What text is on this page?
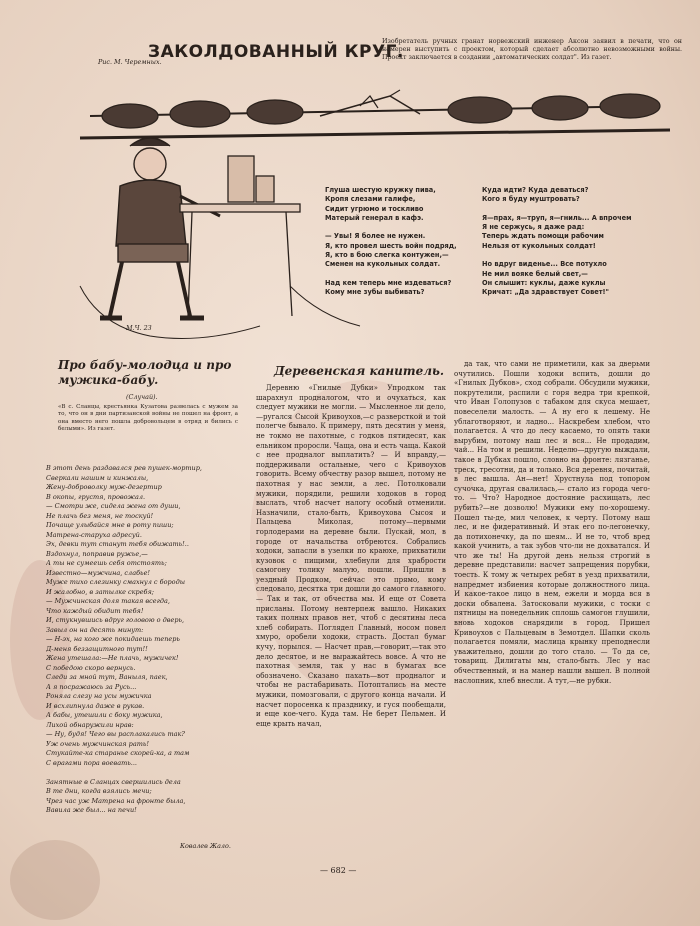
ЗАКОЛДОВАННЫЙ КРУГ.
Рис. М. Черемных.
Изобретатель ручных гранат норвежский инженер Аксон заявил в печати, что он намерен выступить с проектом, который сделает абсолютно невозможными войны. Проект заключается в создании „автоматических солдат". Из газет.
М.Ч. 23
Глуша шестую кружку пива,
Кропя слезами галифе,
Сидит угрюмо и тоскливо
Матерый генерал в кафэ.

— Увы! Я более не нужен.
Я, кто провел шесть войн подряд,
Я, кто в бою слегка контужен,—
Сменен на кукольных солдат.

Над кем теперь мне издеваться?
Кому мне зубы выбивать?
Куда идти? Куда деваться?
Кого я буду муштровать?

Я—прах, я—труп, я—гниль... А впрочем
Я не сержусь, я даже рад:
Теперь ждать помощи рабочим
Нельзя от кукольных солдат!

Но вдруг виденье... Все потухло
Не мил вояке белый свет,—
Он слышит: куклы, даже куклы
Кричат: „Да здравствует Совет!"
Про бабу-молодца и про мужика-бабу.
(Случай).
«В с. Сланцы, крестьянка Кузатова развелась с мужем за то, что он в дни партизанской войны не пошел на фронт, а она вместо него пошла добровольцем в отряд и бились с белыми». Из газет.
В этот день раздавался рев пушек-мортир,
Сверкали нашим и кинжалы,
Жену-доброволку муж-дезертир
В окопы, грустя, провожал.
— Смотри же, сидела жена от души,
Не плачь без меня, не тоскуй!
Почаще улыбайся мне в роту пиши;
Матрена-старуха адресуй.
Эх, девки тут станут тебя обижать!..
Вздохнул, поправив ружье,—
А ты не сумеешь себя отстоять;
Известно—мужчина, слабье!
Муже тихо слезинку смахнул с бороды
И жалобно, в затылке скребя;
— Мужчинская доля такая всегда,
Что каждый обидит тебя!
И, стукнувшись вдруг головою о дверь,
Завыл он на десять минут:
— Н-эх, на кого же покидаешь теперь
Д-меня беззащитного тут!!
Жена утешала:—Не плачь, мужичек!
С победою скоро вернусь.
Следи за мной тут, Ваныля, паек,
А я посражаюсь за Русь...
Роняла слезу на усы мужичка
И всхлипнула даже в рукав.
А бабы, утешили с боку мужика,
Лихой обнаружили нрав:
— Ну, будя! Чего вы расплакались так?
Уж очень мужчинская рать!
Стукайте-ка старанье скорей-ка, а там
С врагами пора воевать...

Занятные в Сланцах свершились дела
В те дни, когда взялись мечи;
Чрез час уж Матрена на фронте была,
Вавила же был... на печи!
Ковалев Жало.
Деревенская канитель.

Деревню «Гнилые Дубки» Упродком так шарахнул продналогом, что и очухаться, как следует мужики не могли. — Мысленное ли дело,—ругался Сысой Кривоухов,—с разверсткой и той полегче бывало. К примеру, пять десятин у меня, не токмо не пахотные, с годков пятидесят, как ельником проросли. Чаща, она и есть чаща. Какой с нее продналог выплатить? — И вправду,—поддерживали остальные, чего с Кривоухов говорить. Всему обчеству разор вышел, потому не пахотная у нас земли, а лес. Потолковали мужики, порядили, решили ходоков в город выслать, чтоб насчет налогу особый отменили. Назначили, стало-быть, Кривоухова Сысоя и Пальцева Миколая, потому—первыми горлодерами на деревне были. Пускай, мол, в городе от начальства отбреются. Собрались ходоки, запасли в узелки по краюхе, прихватили кузовок с пищими, хлебнули для храбрости самогону толику малую, пошли. Пришли в уездный Продком, сейчас это прямо, кому следовало, десятка три дошли до самого главного. — Так и так, от обчества мы. И еще от Совета присланы. Потому невтерпеж вышло. Никаких таких полных правов нет, чтоб с десятины леса хлеб собирать. Поглядел Главный, носом повел хмуро, оробели ходоки, страсть. Достал бумаг кучу, порылся. — Насчет прав,—говорит,—так это дело десятое, и не выражайтесь вовсе. А что не пахотная земля, так у нас в бумагах все обозначено. Сказано пахать—вот продналог и чтобы не растабаривать. Потоптались на месте мужики, помозговали, с другого конца начали. И насчет поросенка к празднику, и гуся пообещали, и еще кое-чего. Куда там. Не берет Пельмен. И еще крыть начал,

да так, что сами не приметили, как за дверьми очутились. Пошли ходоки вспить, дошли до «Гнилых Дубков», сход собрали. Обсудили мужики, покрутелили, распили с горя ведра три крепкой, что Иван Голопузов с табаком для скуса мешает, повеселели малость. — А ну его к лешему. Не ублаготворяют, и ладно... Наскребем хлебом, что полагается. А что до лесу касаемо, то опять таки вырубим, потому наш лес и вся... Не продадим, чай... На том и решили. Неделю—другую выждали, такое в Дубках пошло, словно на фронте: лязганье, треск, тресотни, да и только. Вся деревня, почитай, в лес вышла. Ан—нет! Хрустнула под топором сучочка, другая свалилась,— стало из города чего-то. — Что? Народное достояние расхищать, лес рубить?—не дозволю! Мужики ему по-хорошему. Пошел ты-де, мил человек, к черту. Потому наш лес, и не фидеративный. И этак его по-легонечку, да потихонечку, да по шеям... И не то, чтоб вред какой учинить, а так зубов что-ли не дохватался. И что же ты! На другой день нельзя строгий в деревне представили: насчет запрещения порубки, тоесть. К тому ж четырех ребят в уезд прихватили, напредмет избиения которые должностного лица. И какое-такое лицо в нем, ежели и морда вся в доски обвалена. Затосковали мужики, с тоски с пятницы на понедельник сплошь самогон глушили, вновь ходоков снарядили в город. Пришел Кривоухов с Пальцевым в Земотдел. Шапки сколь полагается помяли, маслица крынку преподнесли уважительно, дошли до того стало. — То да се, товарищ. Дилигаты мы, стало-быть. Лес у нас обчественный, и на манер нашли вышел. В полной наслопник, хлеб внесли. А тут,—не рубки.

— 682 —
